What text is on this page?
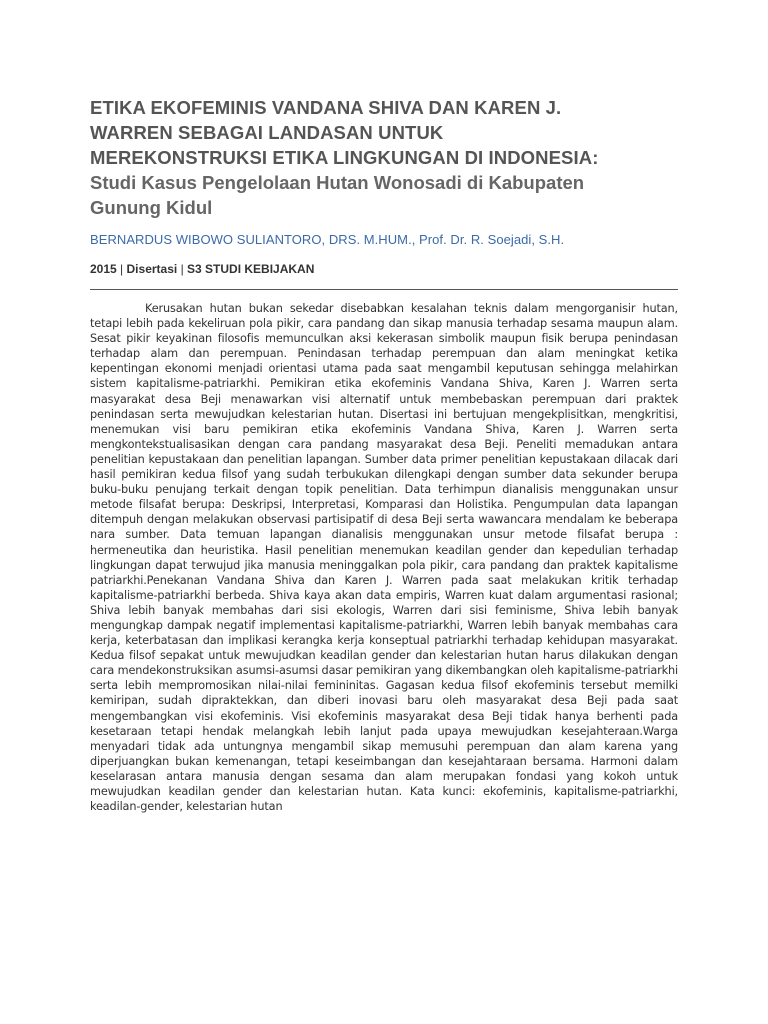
ETIKA EKOFEMINIS VANDANA SHIVA DAN KAREN J.
WARREN SEBAGAI LANDASAN UNTUK
MEREKONSTRUKSI ETIKA LINGKUNGAN DI INDONESIA:
Studi Kasus Pengelolaan Hutan Wonosadi di Kabupaten
Gunung Kidul
BERNARDUS WIBOWO SULIANTORO, DRS. M.HUM., Prof. Dr. R. Soejadi, S.H.
2015 | Disertasi | S3 STUDI KEBIJAKAN

Kerusakan hutan bukan sekedar disebabkan kesalahan teknis dalam mengorganisir hutan, tetapi lebih pada kekeliruan pola pikir, cara pandang dan sikap manusia terhadap sesama maupun alam. Sesat pikir keyakinan filosofis memunculkan aksi kekerasan simbolik maupun fisik berupa penindasan terhadap alam dan perempuan. Penindasan terhadap perempuan dan alam meningkat ketika kepentingan ekonomi menjadi orientasi utama pada saat mengambil keputusan sehingga melahirkan sistem kapitalisme-patriarkhi. Pemikiran etika ekofeminis Vandana Shiva, Karen J. Warren serta masyarakat desa Beji menawarkan visi alternatif untuk membebaskan perempuan dari praktek penindasan serta mewujudkan kelestarian hutan. Disertasi ini bertujuan mengekplisitkan, mengkritisi, menemukan visi baru pemikiran etika ekofeminis Vandana Shiva, Karen J. Warren serta mengkontekstualisasikan dengan cara pandang masyarakat desa Beji. Peneliti memadukan antara penelitian kepustakaan dan penelitian lapangan. Sumber data primer penelitian kepustakaan dilacak dari hasil pemikiran kedua filsof yang sudah terbukukan dilengkapi dengan sumber data sekunder berupa buku-buku penujang terkait dengan topik penelitian. Data terhimpun dianalisis menggunakan unsur metode filsafat berupa: Deskripsi, Interpretasi, Komparasi dan Holistika. Pengumpulan data lapangan ditempuh dengan melakukan observasi partisipatif di desa Beji serta wawancara mendalam ke beberapa nara sumber. Data temuan lapangan dianalisis menggunakan unsur metode filsafat berupa : hermeneutika dan heuristika. Hasil penelitian menemukan keadilan gender dan kepedulian terhadap lingkungan dapat terwujud jika manusia meninggalkan pola pikir, cara pandang dan praktek kapitalisme patriarkhi.Penekanan Vandana Shiva dan Karen J. Warren pada saat melakukan kritik terhadap kapitalisme-patriarkhi berbeda. Shiva kaya akan data empiris, Warren kuat dalam argumentasi rasional; Shiva lebih banyak membahas dari sisi ekologis, Warren dari sisi feminisme, Shiva lebih banyak mengungkap dampak negatif implementasi kapitalisme-patriarkhi, Warren lebih banyak membahas cara kerja, keterbatasan dan implikasi kerangka kerja konseptual patriarkhi terhadap kehidupan masyarakat. Kedua filsof sepakat untuk mewujudkan keadilan gender dan kelestarian hutan harus dilakukan dengan cara mendekonstruksikan asumsi-asumsi dasar pemikiran yang dikembangkan oleh kapitalisme-patriarkhi serta lebih mempromosikan nilai-nilai femininitas. Gagasan kedua filsof ekofeminis tersebut memilki kemiripan, sudah dipraktekkan, dan diberi inovasi baru oleh masyarakat desa Beji pada saat mengembangkan visi ekofeminis. Visi ekofeminis masyarakat desa Beji tidak hanya berhenti pada kesetaraan tetapi hendak melangkah lebih lanjut pada upaya mewujudkan kesejahteraan.Warga menyadari tidak ada untungnya mengambil sikap memusuhi perempuan dan alam karena yang diperjuangkan bukan kemenangan, tetapi keseimbangan dan kesejahtaraan bersama. Harmoni dalam keselarasan antara manusia dengan sesama dan alam merupakan fondasi yang kokoh untuk mewujudkan keadilan gender dan kelestarian hutan. Kata kunci: ekofeminis, kapitalisme-patriarkhi, keadilan-gender, kelestarian hutan
